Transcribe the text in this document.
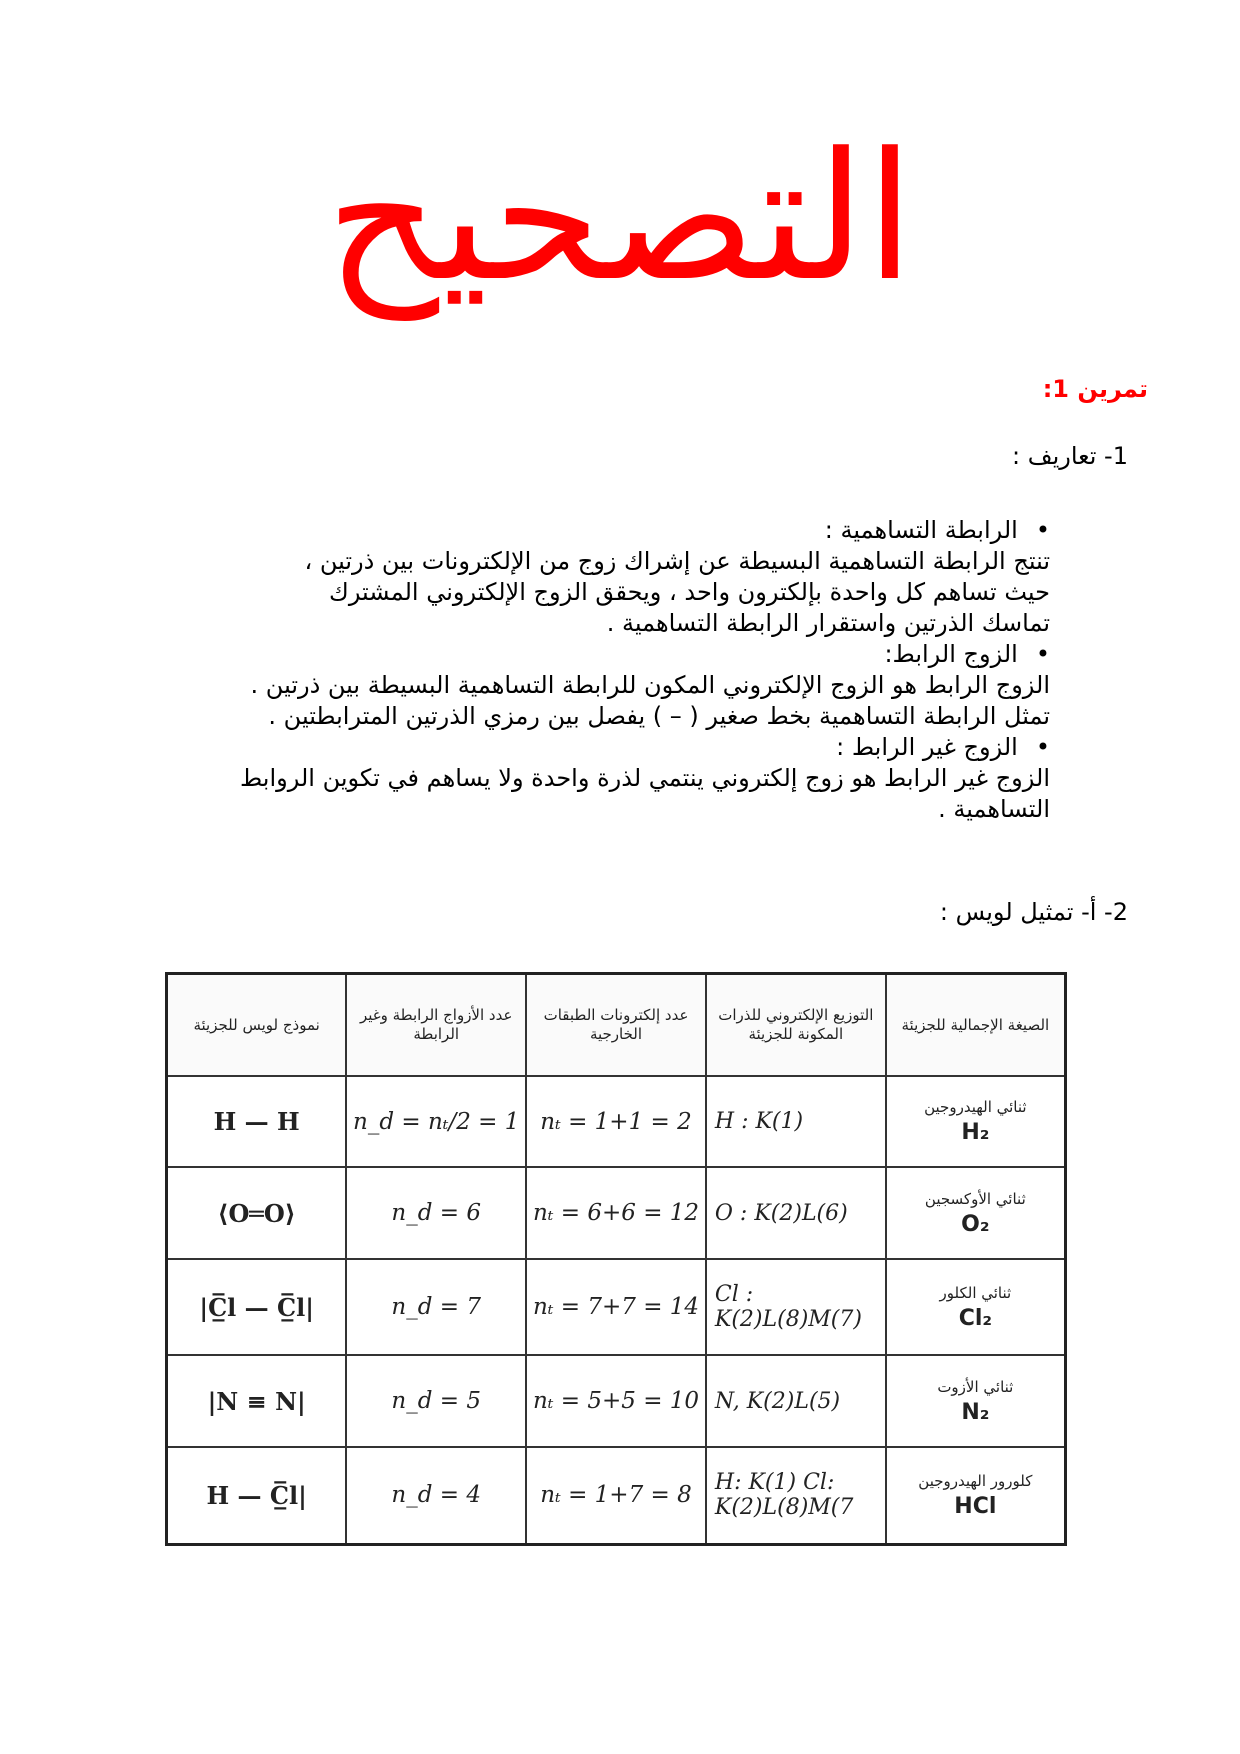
التصحيح
تمرين 1:
1- تعاريف :
• الرابطة التساهمية :
تنتج الرابطة التساهمية البسيطة عن إشراك زوج من الإلكترونات بين ذرتين ،
حيث تساهم كل واحدة بإلكترون واحد ، ويحقق الزوج الإلكتروني المشترك
تماسك الذرتين واستقرار الرابطة التساهمية .
• الزوج الرابط:
الزوج الرابط هو الزوج الإلكتروني المكون للرابطة التساهمية البسيطة بين ذرتين .
تمثل الرابطة التساهمية بخط صغير ( – ) يفصل بين رمزي الذرتين المترابطتين .
• الزوج غير الرابط :
الزوج غير الرابط هو زوج إلكتروني ينتمي لذرة واحدة ولا يساهم في تكوين الروابط
التساهمية .
2- أ- تمثيل لويس :
الصيغة الإجمالية للجزيئة	التوزيع الإلكتروني للذرات المكونة للجزيئة	عدد إلكترونات الطبقات الخارجية	عدد الأزواج الرابطة وغير الرابطة	نموذج لويس للجزيئة
ثنائي الهيدروجين
H₂	H : K(1)	nₜ = 1+1 = 2	n_d = nₜ/2 = 1	H — H
ثنائي الأوكسجين
O₂	O : K(2)L(6)	nₜ = 6+6 = 12	n_d = 6	⟨O═O⟩
ثنائي الكلور
Cl₂	Cl : K(2)L(8)M(7)	nₜ = 7+7 = 14	n_d = 7	|C̲̅l — C̲̅l|
ثنائي الأزوت
N₂	N, K(2)L(5)	nₜ = 5+5 = 10	n_d = 5	|N ≡ N|
كلورور الهيدروجين
HCl	H: K(1) Cl: K(2)L(8)M(7	nₜ = 1+7 = 8	n_d = 4	H — C̲̅l|
